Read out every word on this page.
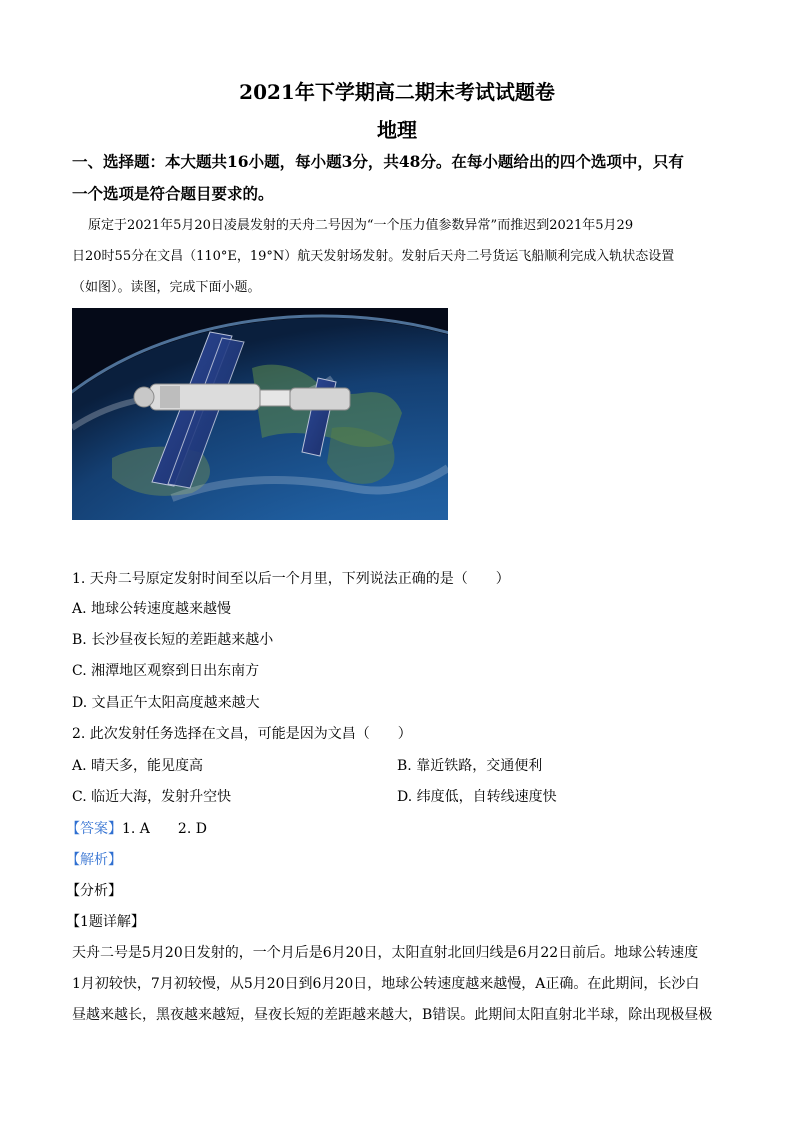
2021年下学期高二期末考试试题卷
地理
一、选择题：本大题共16小题，每小题3分，共48分。在每小题给出的四个选项中，只有
一个选项是符合题目要求的。
原定于2021年5月20日凌晨发射的天舟二号因为“一个压力值参数异常”而推迟到2021年5月29
日20时55分在文昌（110°E，19°N）航天发射场发射。发射后天舟二号货运飞船顺利完成入轨状态设置
（如图）。读图，完成下面小题。
1. 天舟二号原定发射时间至以后一个月里，下列说法正确的是（　　）
A. 地球公转速度越来越慢
B. 长沙昼夜长短的差距越来越小
C. 湘潭地区观察到日出东南方
D. 文昌正午太阳高度越来越大
2. 此次发射任务选择在文昌，可能是因为文昌（　　）
A. 晴天多，能见度高	B. 靠近铁路，交通便利
C. 临近大海，发射升空快	D. 纬度低，自转线速度快
【答案】1. A　　2. D
【解析】
【分析】
【1题详解】
天舟二号是5月20日发射的，一个月后是6月20日，太阳直射北回归线是6月22日前后。地球公转速度
1月初较快，7月初较慢，从5月20日到6月20日，地球公转速度越来越慢，A正确。在此期间，长沙白
昼越来越长，黑夜越来越短，昼夜长短的差距越来越大，B错误。此期间太阳直射北半球，除出现极昼极
